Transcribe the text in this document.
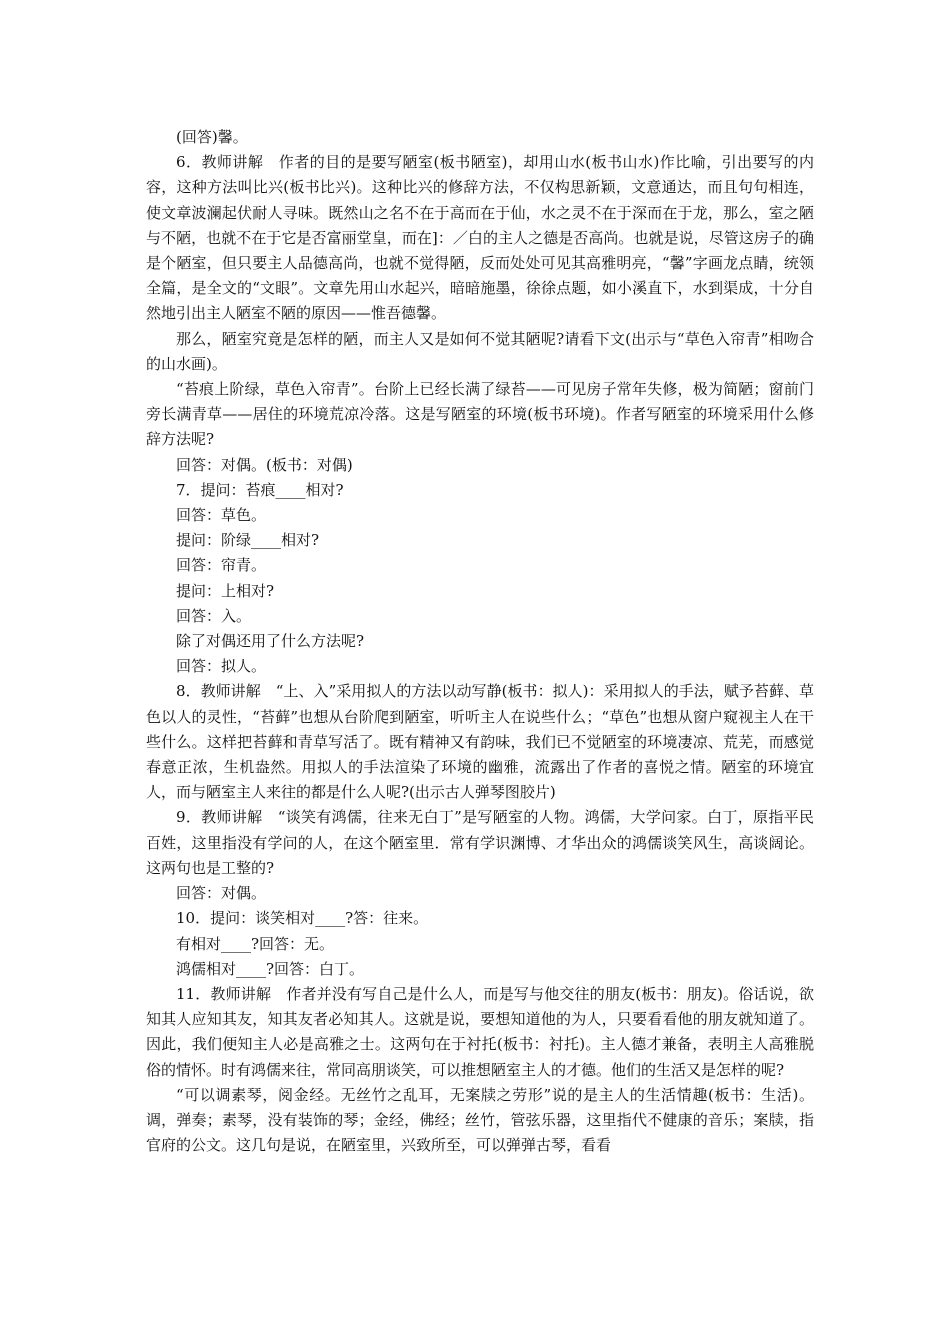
(回答)馨。

6．教师讲解　作者的目的是要写陋室(板书陋室)，却用山水(板书山水)作比喻，引出要写的内容，这种方法叫比兴(板书比兴)。这种比兴的修辞方法，不仅构思新颖，文意通达，而且句句相连，使文章波澜起伏耐人寻味。既然山之名不在于高而在于仙，水之灵不在于深而在于龙，那么，室之陋与不陋，也就不在于它是否富丽堂皇，而在]：／白的主人之德是否高尚。也就是说，尽管这房子的确是个陋室，但只要主人品德高尚，也就不觉得陋，反而处处可见其高雅明亮，“馨”字画龙点睛，统领全篇，是全文的“文眼”。文章先用山水起兴，暗暗施墨，徐徐点题，如小溪直下，水到渠成，十分自然地引出主人陋室不陋的原因——惟吾德馨。

那么，陋室究竟是怎样的陋，而主人又是如何不觉其陋呢?请看下文(出示与“草色入帘青”相吻合的山水画)。

“苔痕上阶绿，草色入帘青”。台阶上已经长满了绿苔——可见房子常年失修，极为简陋；窗前门旁长满青草——居住的环境荒凉冷落。这是写陋室的环境(板书环境)。作者写陋室的环境采用什么修辞方法呢?

回答：对偶。(板书：对偶)

7．提问：苔痕____相对?

回答：草色。

提问：阶绿____相对?

回答：帘青。

提问：上相对?

回答：入。

除了对偶还用了什么方法呢?

回答：拟人。

8．教师讲解　“上、入”采用拟人的方法以动写静(板书：拟人)：采用拟人的手法，赋予苔藓、草色以人的灵性，“苔藓”也想从台阶爬到陋室，听听主人在说些什么；“草色”也想从窗户窥视主人在干些什么。这样把苔藓和青草写活了。既有精神又有韵味，我们已不觉陋室的环境凄凉、荒芜，而感觉春意正浓，生机盎然。用拟人的手法渲染了环境的幽雅，流露出了作者的喜悦之情。陋室的环境宜人，而与陋室主人来往的都是什么人呢?(出示古人弹琴图胶片)

9．教师讲解　“谈笑有鸿儒，往来无白丁”是写陋室的人物。鸿儒，大学问家。白丁，原指平民百姓，这里指没有学问的人，在这个陋室里．常有学识渊博、才华出众的鸿儒谈笑风生，高谈阔论。这两句也是工整的?

回答：对偶。

10．提问：谈笑相对____?答：往来。

有相对____?回答：无。

鸿儒相对____?回答：白丁。

11．教师讲解　作者并没有写自己是什么人，而是写与他交往的朋友(板书：朋友)。俗话说，欲知其人应知其友，知其友者必知其人。这就是说，要想知道他的为人，只要看看他的朋友就知道了。因此，我们便知主人必是高雅之士。这两句在于衬托(板书：衬托)。主人德才兼备，表明主人高雅脱俗的情怀。时有鸿儒来往，常同高朋谈笑，可以推想陋室主人的才德。他们的生活又是怎样的呢?

“可以调素琴，阅金经。无丝竹之乱耳，无案牍之劳形”说的是主人的生活情趣(板书：生活)。调，弹奏；素琴，没有装饰的琴；金经，佛经；丝竹，管弦乐器，这里指代不健康的音乐；案牍，指官府的公文。这几句是说，在陋室里，兴致所至，可以弹弹古琴，看看
